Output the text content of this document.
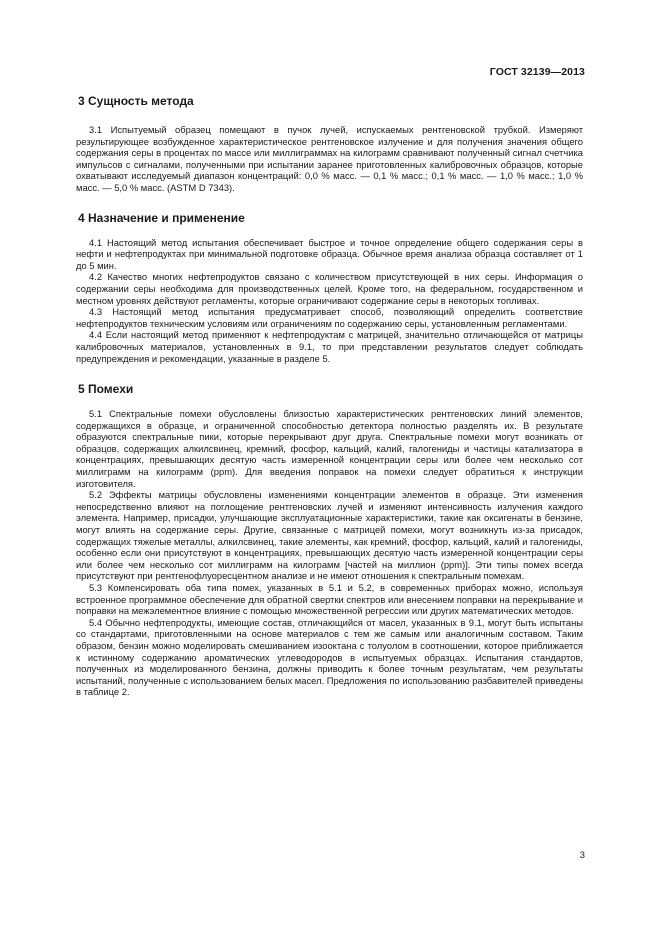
ГОСТ 32139—2013
3 Сущность метода

3.1 Испытуемый образец помещают в пучок лучей, испускаемых рентгеновской трубкой. Измеряют результирующее возбужденное характеристическое рентгеновское излучение и для получения значения общего содержания серы в процентах по массе или миллиграммах на килограмм сравнивают полученный сигнал счетчика импульсов с сигналами, полученными при испытании заранее приготовленных калибровочных образцов, которые охватывают исследуемый диапазон концентраций: 0,0 % масс. — 0,1 % масс.; 0,1 % масс. — 1,0 % масс.; 1,0 % масс. — 5,0 % масс. (ASTM D 7343).

4 Назначение и применение

4.1 Настоящий метод испытания обеспечивает быстрое и точное определение общего содержания серы в нефти и нефтепродуктах при минимальной подготовке образца. Обычное время анализа образца составляет от 1 до 5 мин.

4.2 Качество многих нефтепродуктов связано с количеством присутствующей в них серы. Информация о содержании серы необходима для производственных целей. Кроме того, на федеральном, государственном и местном уровнях действуют регламенты, которые ограничивают содержание серы в некоторых топливах.

4.3 Настоящий метод испытания предусматривает способ, позволяющий определить соответствие нефтепродуктов техническим условиям или ограничениям по содержанию серы, установленным регламентами.

4.4 Если настоящий метод применяют к нефтепродуктам с матрицей, значительно отличающейся от матрицы калибровочных материалов, установленных в 9.1, то при представлении результатов следует соблюдать предупреждения и рекомендации, указанные в разделе 5.

5 Помехи

5.1 Спектральные помехи обусловлены близостью характеристических рентгеновских линий элементов, содержащихся в образце, и ограниченной способностью детектора полностью разделять их. В результате образуются спектральные пики, которые перекрывают друг друга. Спектральные помехи могут возникать от образцов, содержащих алкилсвинец, кремний, фосфор, кальций, калий, галогениды и частицы катализатора в концентрациях, превышающих десятую часть измеренной концентрации серы или более чем несколько сот миллиграмм на килограмм (ppm). Для введения поправок на помехи следует обратиться к инструкции изготовителя.

5.2 Эффекты матрицы обусловлены изменениями концентрации элементов в образце. Эти изменения непосредственно влияют на поглощение рентгеновских лучей и изменяют интенсивность излучения каждого элемента. Например, присадки, улучшающие эксплуатационные характеристики, такие как оксигенаты в бензине, могут влиять на содержание серы. Другие, связанные с матрицей помехи, могут возникнуть из-за присадок, содержащих тяжелые металлы, алкилсвинец, такие элементы, как кремний, фосфор, кальций, калий и галогениды, особенно если они присутствуют в концентрациях, превышающих десятую часть измеренной концентрации серы или более чем несколько сот миллиграмм на килограмм [частей на миллион (ppm)]. Эти типы помех всегда присутствуют при рентгенофлуоресцентном анализе и не имеют отношения к спектральным помехам.

5.3 Компенсировать оба типа помех, указанных в 5.1 и 5.2, в современных приборах можно, используя встроенное программное обеспечение для обратной свертки спектров или внесением поправки на перекрывание и поправки на межэлементное влияние с помощью множественной регрессии или других математических методов.

5.4 Обычно нефтепродукты, имеющие состав, отличающийся от масел, указанных в 9.1, могут быть испытаны со стандартами, приготовленными на основе материалов с тем же самым или аналогичным составом. Таким образом, бензин можно моделировать смешиванием изооктана с толуолом в соотношении, которое приближается к истинному содержанию ароматических углеводородов в испытуемых образцах. Испытания стандартов, полученных из моделированного бензина, должны приводить к более точным результатам, чем результаты испытаний, полученные с использованием белых масел. Предложения по использованию разбавителей приведены в таблице 2.

3
